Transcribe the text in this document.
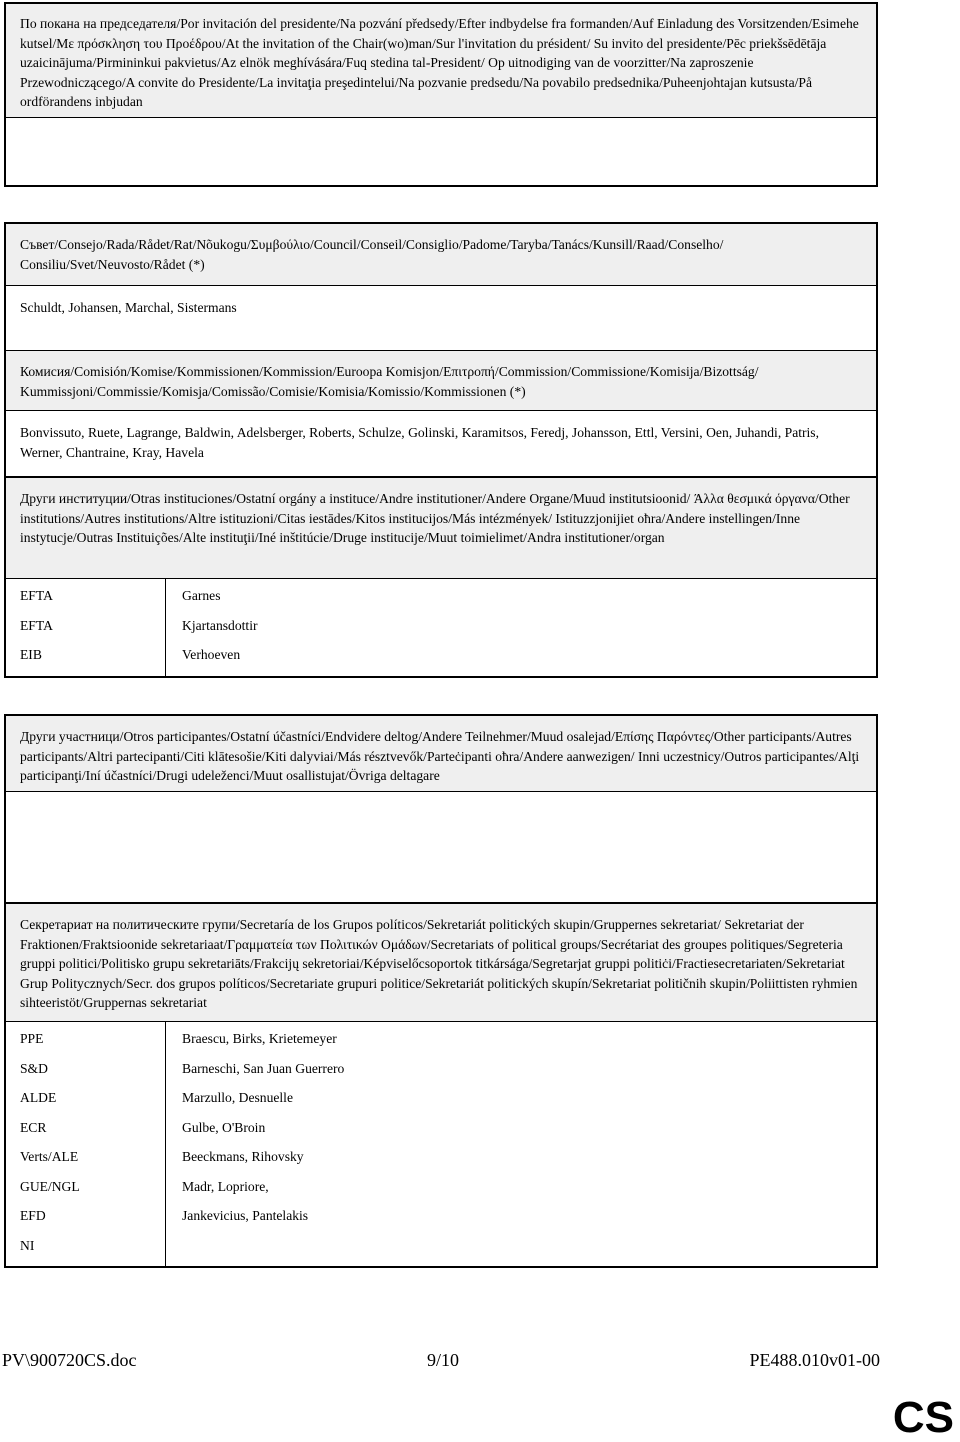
По покана на председателя/Por invitación del presidente/Na pozvání předsedy/Efter indbydelse fra formanden/Auf Einladung des Vorsitzenden/Esimehe kutsel/Με πρόσκληση του Προέδρου/At the invitation of the Chair(wo)man/Sur l'invitation du président/ Su invito del presidente/Pēc priekšsēdētāja uzaicinājuma/Pirmininkui pakvietus/Az elnök meghívására/Fuq stedina tal-President/ Op uitnodiging van de voorzitter/Na zaproszenie Przewodniczącego/A convite do Presidente/La invitaţia preşedintelui/Na pozvanie predsedu/Na povabilo predsednika/Puheenjohtajan kutsusta/På ordförandens inbjudan
Съвет/Consejo/Rada/Rådet/Rat/Nõukogu/Συμβούλιο/Council/Conseil/Consiglio/Padome/Taryba/Tanács/Kunsill/Raad/Conselho/ Consiliu/Svet/Neuvosto/Rådet (*)
Schuldt, Johansen, Marchal, Sistermans
Комисия/Comisión/Komise/Kommissionen/Kommission/Euroopa Komisjon/Επιτροπή/Commission/Commissione/Komisija/Bizottság/ Kummissjoni/Commissie/Komisja/Comissão/Comisie/Komisia/Komissio/Kommissionen (*)
Bonvissuto, Ruete, Lagrange, Baldwin, Adelsberger, Roberts, Schulze, Golinski, Karamitsos, Feredj, Johansson, Ettl, Versini, Oen, Juhandi, Patris, Werner, Chantraine, Kray, Havela
Други институции/Otras instituciones/Ostatní orgány a instituce/Andre institutioner/Andere Organe/Muud institutsioonid/ Άλλα θεσμικά όργανα/Other institutions/Autres institutions/Altre istituzioni/Citas iestādes/Kitos institucijos/Más intézmények/ Istituzzjonijiet oħra/Andere instellingen/Inne instytucje/Outras Instituições/Alte instituţii/Iné inštitúcie/Druge institucije/Muut toimielimet/Andra institutioner/organ
EFTA
EFTA
EIB
Garnes
Kjartansdottir
Verhoeven
Други участници/Otros participantes/Ostatní účastníci/Endvidere deltog/Andere Teilnehmer/Muud osalejad/Επίσης Παρόντες/Other participants/Autres participants/Altri partecipanti/Citi klātesošie/Kiti dalyviai/Más résztvevők/Parteċipanti oħra/Andere aanwezigen/ Inni uczestnicy/Outros participantes/Alţi participanţi/Iní účastníci/Drugi udeleženci/Muut osallistujat/Övriga deltagare
Секретариат на политическите групи/Secretaría de los Grupos políticos/Sekretariát politických skupin/Gruppernes sekretariat/ Sekretariat der Fraktionen/Fraktsioonide sekretariaat/Γραμματεία των Πολιτικών Ομάδων/Secretariats of political groups/Secrétariat des groupes politiques/Segreteria gruppi politici/Politisko grupu sekretariāts/Frakcijų sekretoriai/Képviselőcsoportok titkársága/Segretarjat gruppi politiċi/Fractiesecretariaten/Sekretariat Grup Politycznych/Secr. dos grupos políticos/Secretariate grupuri politice/Sekretariát politických skupín/Sekretariat političnih skupin/Poliittisten ryhmien sihteeristöt/Gruppernas sekretariat
PPE
S&D
ALDE
ECR
Verts/ALE
GUE/NGL
EFD
NI
Braescu, Birks, Krietemeyer
Barneschi, San Juan Guerrero
Marzullo, Desnuelle
Gulbe, O'Broin
Beeckmans, Rihovsky
Madr, Lopriore,
Jankevicius, Pantelakis
PV\900720CS.doc	9/10	PE488.010v01-00
CS
